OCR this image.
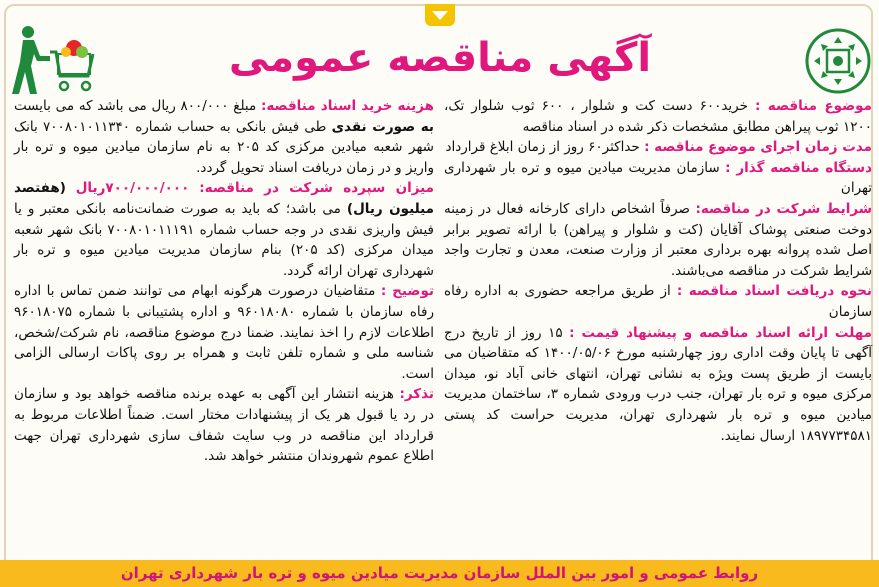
آگهی مناقصه عمومی

موضوع مناقصه : خرید۶۰۰ دست کت و شلوار ، ۶۰۰ ثوب شلوار تک، ۱۲۰۰ ثوب پیراهن مطابق مشخصات ذکر شده در اسناد مناقصه

مدت زمان اجرای موضوع مناقصه : حداکثر۶۰ روز از زمان ابلاغ قرارداد

دستگاه مناقصه گذار : سازمان مدیریت میادین میوه و تره بار شهرداری تهران

شرایط شرکت در مناقصه: صرفاً اشخاص دارای کارخانه فعال در زمینه دوخت صنعتی پوشاک آقایان (کت و شلوار و پیراهن) با ارائه تصویر برابر اصل شده پروانه بهره برداری معتبر از وزارت صنعت، معدن و تجارت واجد شرایط شرکت در مناقصه می‌باشند.

نحوه دریافت اسناد مناقصه : از طریق مراجعه حضوری به اداره رفاه سازمان

مهلت ارائه اسناد مناقصه و پیشنهاد قیمت : ۱۵ روز از تاریخ درج آگهی تا پایان وقت اداری روز چهارشنبه مورخ ۱۴۰۰/۰۵/۰۶ که متقاضیان می بایست از طریق پست ویژه به نشانی تهران، انتهای خانی آباد نو، میدان مرکزی میوه و تره بار تهران، جنب درب ورودی شماره ۳، ساختمان مدیریت میادین میوه و تره بار شهرداری تهران، مدیریت حراست کد پستی ۱۸۹۷۷۳۴۵۸۱ ارسال نمایند.

هزینه خرید اسناد مناقصه: مبلغ ۸۰۰/۰۰۰ ریال می باشد که می بایست به صورت نقدی طی فیش بانکی به حساب شماره ۷۰۰۸۰۱۰۱۱۳۴۰ بانک شهر شعبه میادین مرکزی کد ۲۰۵ به نام سازمان میادین میوه و تره بار واریز و در زمان دریافت اسناد تحویل گردد.

میزان سپرده شرکت در مناقصه: ۷۰۰/۰۰۰/۰۰۰ریال (هفتصد میلیون ریال) می باشد؛ که باید به صورت ضمانت‌نامه بانکی معتبر و یا فیش واریزی نقدی در وجه حساب شماره ۷۰۰۸۰۱۰۱۱۱۹۱ بانک شهر شعبه میدان مرکزی (کد ۲۰۵) بنام سازمان مدیریت میادین میوه و تره بار شهرداری تهران ارائه گردد.

توضیح : متقاضیان درصورت هرگونه ابهام می توانند ضمن تماس با اداره رفاه سازمان با شماره ۹۶۰۱۸۰۸۰ و اداره پشتیبانی با شماره ۹۶۰۱۸۰۷۵ اطلاعات لازم را اخذ نمایند. ضمنا درج موضوع مناقصه، نام شرکت/شخص، شناسه ملی و شماره تلفن ثابت و همراه بر روی پاکات ارسالی الزامی است.

تذکر: هزینه انتشار این آگهی به عهده برنده مناقصه خواهد بود و سازمان در رد یا قبول هر یک از پیشنهادات مختار است. ضمناً اطلاعات مربوط به قرارداد این مناقصه در وب سایت شفاف سازی شهرداری تهران جهت اطلاع عموم شهروندان منتشر خواهد شد.

روابط عمومی و امور بین الملل سازمان مدیریت میادین میوه و تره بار شهرداری تهران
